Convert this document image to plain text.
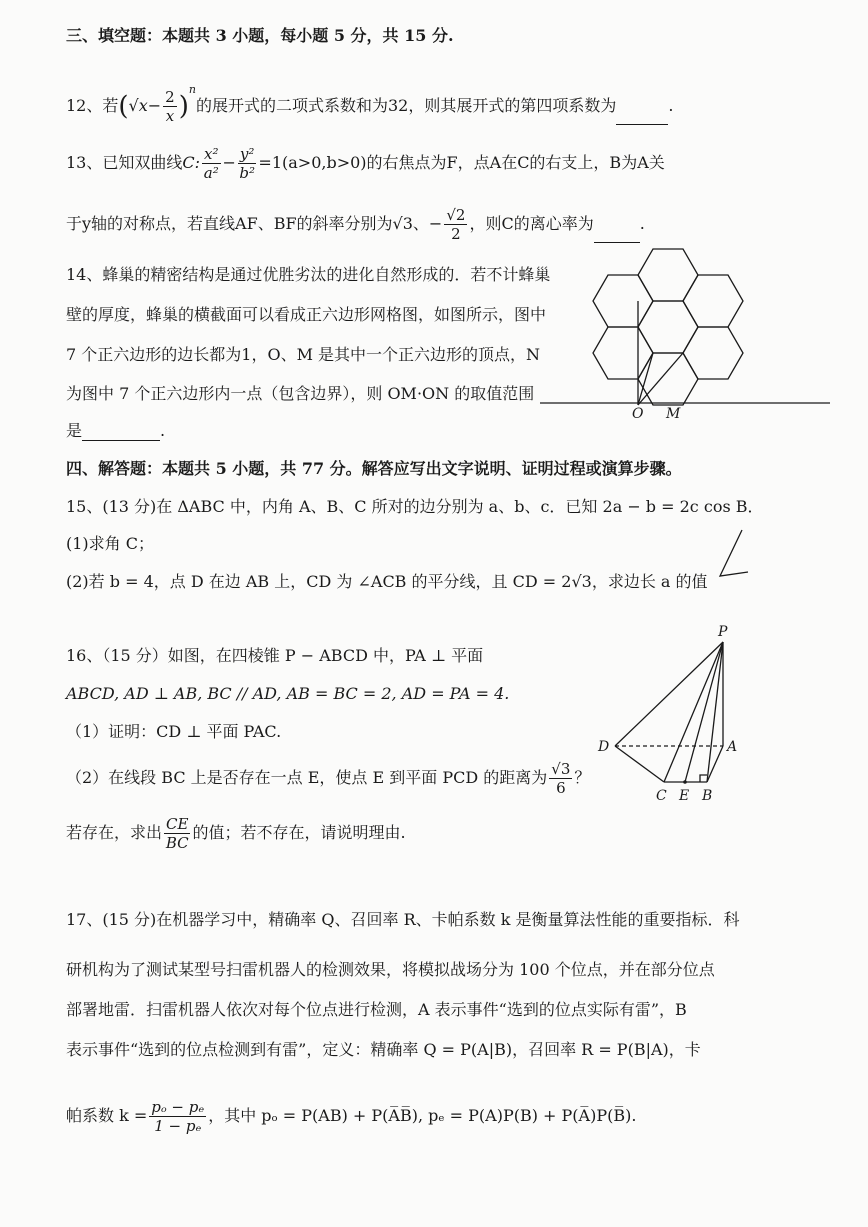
三、填空题：本题共 3 小题，每小题 5 分，共 15 分.
12、若$(√x- \frac{2}{x} )^n$的展开式的二项式系数和为32，则其展开式的第四项系数为	.
13、已知双曲线C: $\frac{\text{x²}}{\text{a²}} - \frac{\text{y²}}{\text{b²}} =1(a>0,b>0)$的右焦点为F，点A在C的右支上，B为A关
于y轴的对称点，若直线AF、BF的斜率分别为√3、− $\frac{√2}{2}$ ，则C的离心率为	.
14、蜂巢的精密结构是通过优胜劣汰的进化自然形成的．若不计蜂巢
壁的厚度，蜂巢的横截面可以看成正六边形网格图，如图所示，图中
7 个正六边形的边长都为1，O、M 是其中一个正六边形的顶点，N
为图中 7 个正六边形内一点（包含边界），则 OM·ON 的取值范围
是	.
O M
四、解答题：本题共 5 小题，共 77 分。解答应写出文字说明、证明过程或演算步骤。
15、(13 分)在 ΔABC 中，内角 A、B、C 所对的边分别为 a、b、c．已知 2a − b = 2c cos B．
(1)求角 C；
(2)若 b = 4，点 D 在边 AB 上，CD 为 ∠ACB 的平分线，且 CD = 2√3，求边长 a 的值
16、（15 分）如图，在四棱锥 P − ABCD 中，PA ⊥ 平面
ABCD, AD ⊥ AB, BC // AD, AB = BC = 2, AD = PA = 4.
（1）证明：CD ⊥ 平面 PAC.
（2）在线段 BC 上是否存在一点 E，使点 E 到平面 PCD 的距离为 $\frac{√3}{6}$ ？
若存在，求出 $\frac{CE}{BC}$ 的值；若不存在，请说明理由.
P
D	A
C E B
17、(15 分)在机器学习中，精确率 Q、召回率 R、卡帕系数 k 是衡量算法性能的重要指标．科
研机构为了测试某型号扫雷机器人的检测效果，将模拟战场分为 100 个位点，并在部分位点
部署地雷．扫雷机器人依次对每个位点进行检测，A 表示事件“选到的位点实际有雷”，B
表示事件“选到的位点检测到有雷”，定义：精确率 Q = P(A|B)，召回率 R = P(B|A)，卡
帕系数 $k = \frac{\text{pₒ − pₑ}}{\text{1 − pₑ}}$ ，其中 pₒ = P(AB) + P(A̅B̅), pₑ = P(A)P(B) + P(A̅)P(B̅).
